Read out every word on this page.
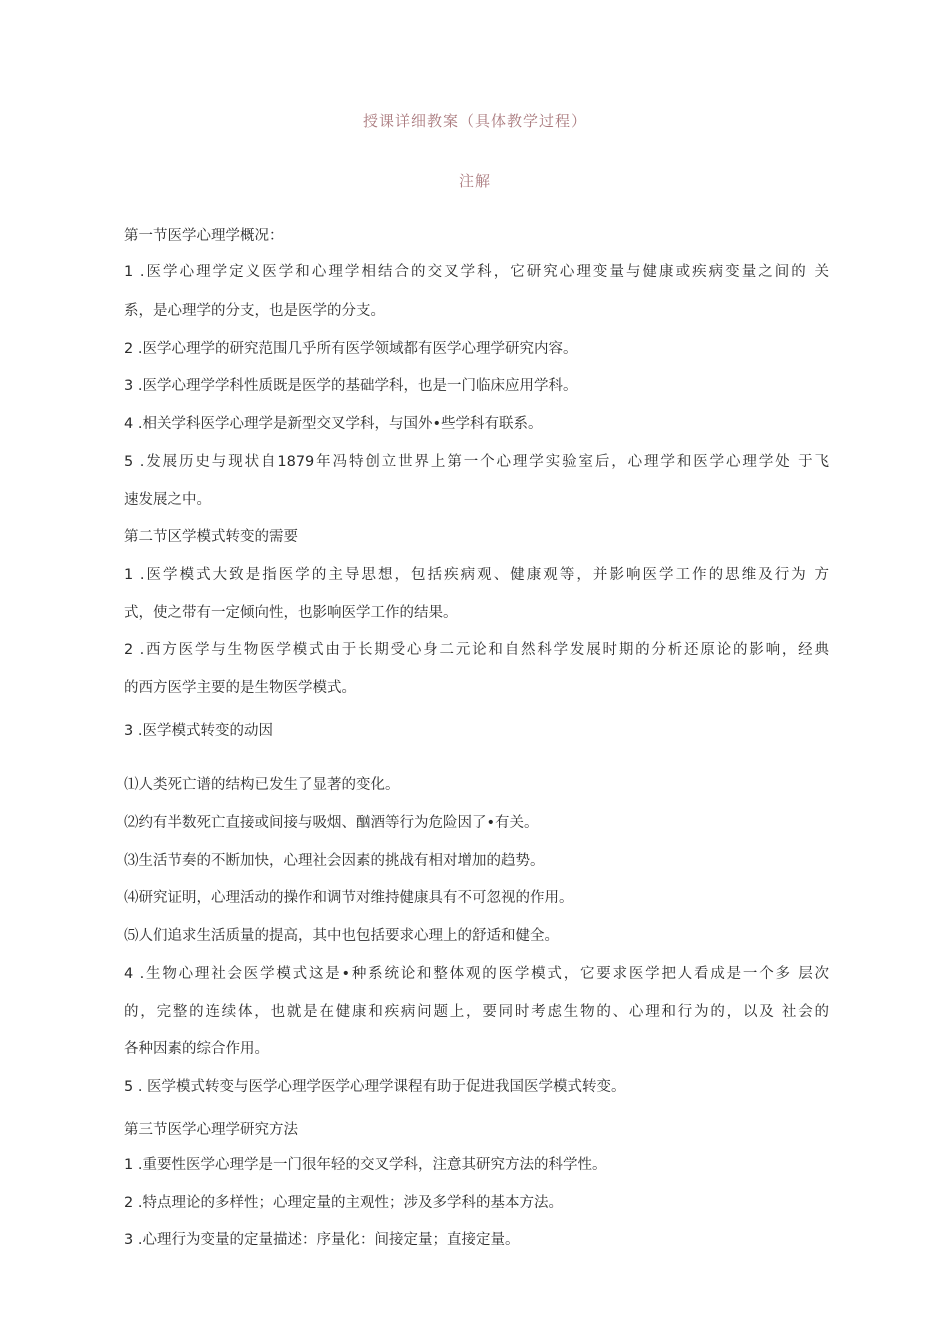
授课详细教案（具体教学过程）
注解
第一节医学心理学概况：
1 .医学心理学定义医学和心理学相结合的交叉学科，它研究心理变量与健康或疾病变量之间的 关
系，是心理学的分支，也是医学的分支。
2 .医学心理学的研究范围几乎所有医学领域都有医学心理学研究内容。
3 .医学心理学学科性质既是医学的基础学科，也是一门临床应用学科。
4 .相关学科医学心理学是新型交叉学科，与国外•些学科有联系。
5 .发展历史与现状自1879年冯特创立世界上第一个心理学实验室后，心理学和医学心理学处 于飞
速发展之中。
第二节区学模式转变的需要
1 .医学模式大致是指医学的主导思想，包括疾病观、健康观等，并影响医学工作的思维及行为 方
式，使之带有一定倾向性，也影响医学工作的结果。
2 .西方医学与生物医学模式由于长期受心身二元论和自然科学发展时期的分析还原论的影响，经典
的西方医学主要的是生物医学模式。
3 .医学模式转变的动因
⑴人类死亡谱的结构已发生了显著的变化。
⑵约有半数死亡直接或间接与吸烟、酗酒等行为危险因了•有关。
⑶生活节奏的不断加快，心理社会因素的挑战有相对增加的趋势。
⑷研究证明，心理活动的操作和调节对维持健康具有不可忽视的作用。
⑸人们追求生活质量的提高，其中也包括要求心理上的舒适和健全。
4 .生物心理社会医学模式这是•种系统论和整体观的医学模式，它要求医学把人看成是一个多 层次
的，完整的连续体，也就是在健康和疾病问题上，要同时考虑生物的、心理和行为的，以及 社会的
各种因素的综合作用。
5 . 医学模式转变与医学心理学医学心理学课程有助于促进我国医学模式转变。
第三节医学心理学研究方法
1 .重要性医学心理学是一门很年轻的交叉学科，注意其研究方法的科学性。
2 .特点理论的多样性；心理定量的主观性；涉及多学科的基本方法。
3 .心理行为变量的定量描述：序量化：间接定量；直接定量。
